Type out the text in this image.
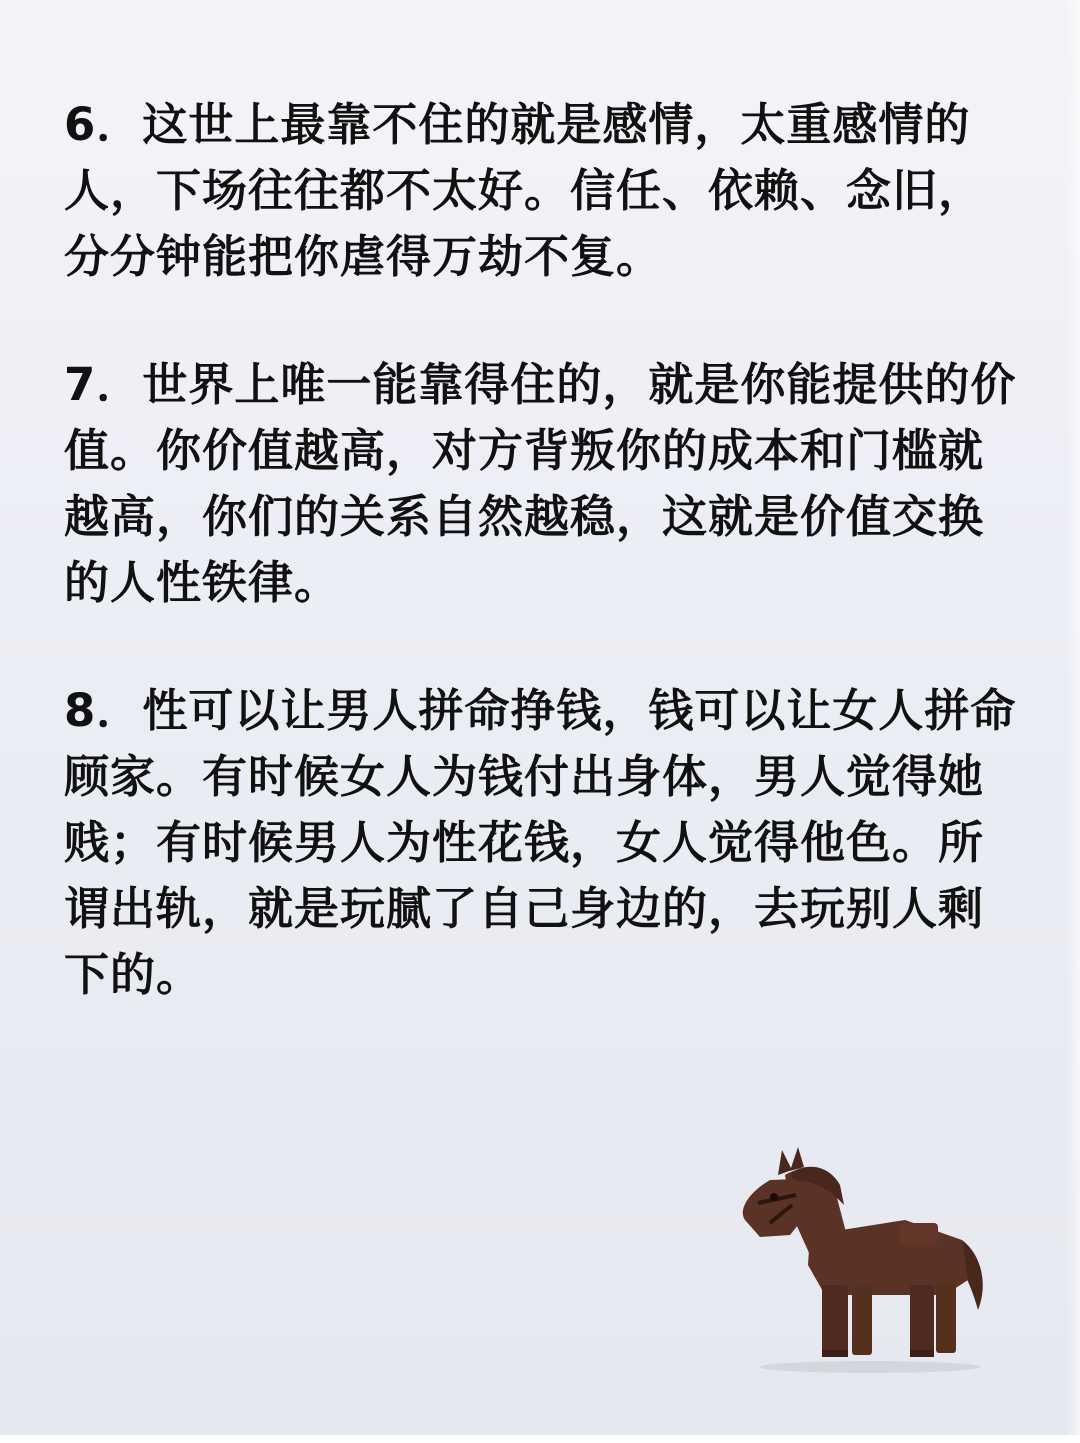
6．这世上最靠不住的就是感情，太重感情的人，下场往往都不太好。信任、依赖、念旧，分分钟能把你虐得万劫不复。

7．世界上唯一能靠得住的，就是你能提供的价值。你价值越高，对方背叛你的成本和门槛就越高，你们的关系自然越稳，这就是价值交换的人性铁律。

8．性可以让男人拼命挣钱，钱可以让女人拼命顾家。有时候女人为钱付出身体，男人觉得她贱；有时候男人为性花钱，女人觉得他色。所谓出轨，就是玩腻了自己身边的，去玩别人剩下的。
